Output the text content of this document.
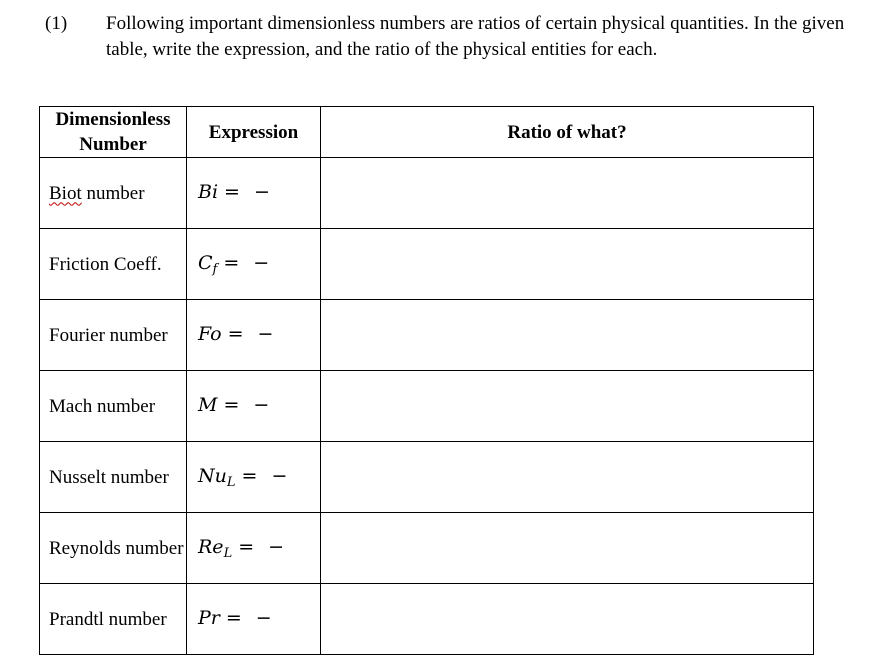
(1) Following important dimensionless numbers are ratios of certain physical quantities. In the given table, write the expression, and the ratio of the physical entities for each.
Dimensionless Number	Expression	Ratio of what?
Biot number	Bi = −	
Friction Coeff.	$C_f$ = −	
Fourier number	Fo = −	
Mach number	M = −	
Nusselt number	$Nu_L$ = −	
Reynolds number	$Re_L$ = −	
Prandtl number	Pr = −	
